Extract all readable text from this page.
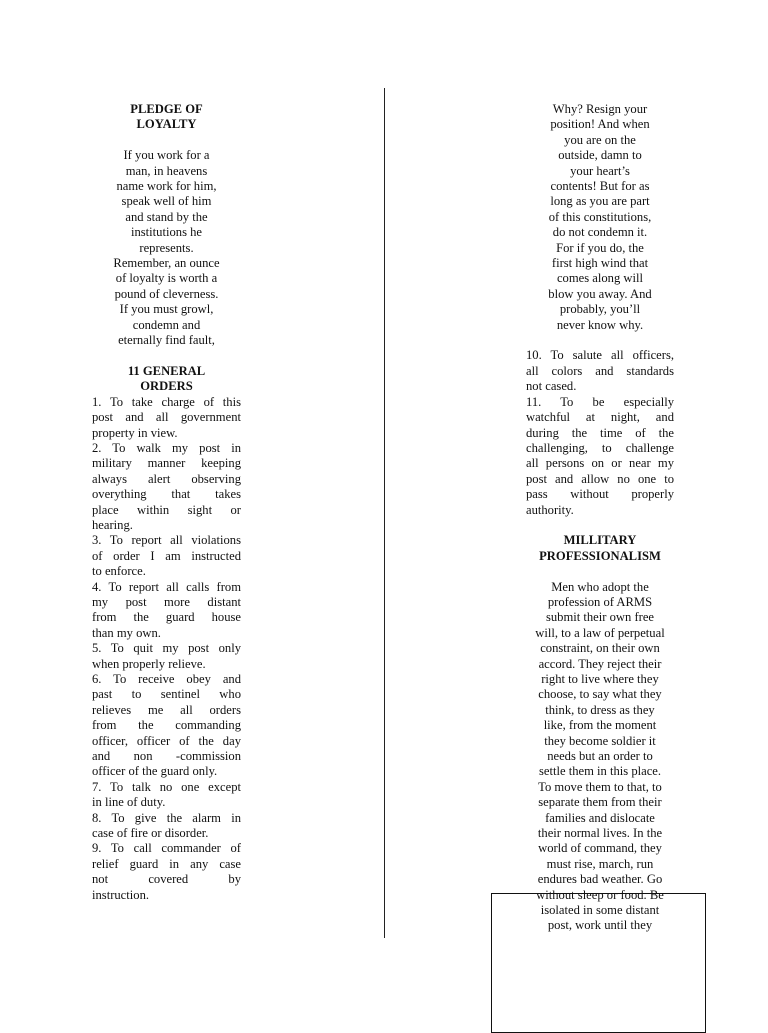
PLEDGE OF
LOYALTY
If you work for a
man, in heavens
name work for him,
speak well of him
and stand by the
institutions he
represents.
Remember, an ounce
of loyalty is worth a
pound of cleverness.
If you must growl,
condemn and
eternally find fault,
11 GENERAL
ORDERS
1. To take charge of this
post and all government
property in view.
2. To walk my post in
military manner keeping
always alert observing
overything that takes
place within sight or
hearing.
3. To report all violations
of order I am instructed
to enforce.
4. To report all calls from
my post more distant
from the guard house
than my own.
5. To quit my post only
when properly relieve.
6. To receive obey and
past to sentinel who
relieves me all orders
from the commanding
officer, officer of the day
and non -commission
officer of the guard only.
7. To talk no one except
in line of duty.
8. To give the alarm in
case of fire or disorder.
9. To call commander of
relief guard in any case
not covered by
instruction.
Why? Resign your
position! And when
you are on the
outside, damn to
your heart’s
contents! But for as
long as you are part
of this constitutions,
do not condemn it.
For if you do, the
first high wind that
comes along will
blow you away. And
probably, you’ll
never know why.
10. To salute all officers,
all colors and standards
not cased.
11. To be especially
watchful at night, and
during the time of the
challenging, to challenge
all persons on or near my
post and allow no one to
pass without properly
authority.
MILLITARY
PROFESSIONALISM
Men who adopt the
profession of ARMS
submit their own free
will, to a law of perpetual
constraint, on their own
accord. They reject their
right to live where they
choose, to say what they
think, to dress as they
like, from the moment
they become soldier it
needs but an order to
settle them in this place.
To move them to that, to
separate them from their
families and dislocate
their normal lives. In the
world of command, they
must rise, march, run
endures bad weather. Go
without sleep or food. Be
isolated in some distant
post, work until they
